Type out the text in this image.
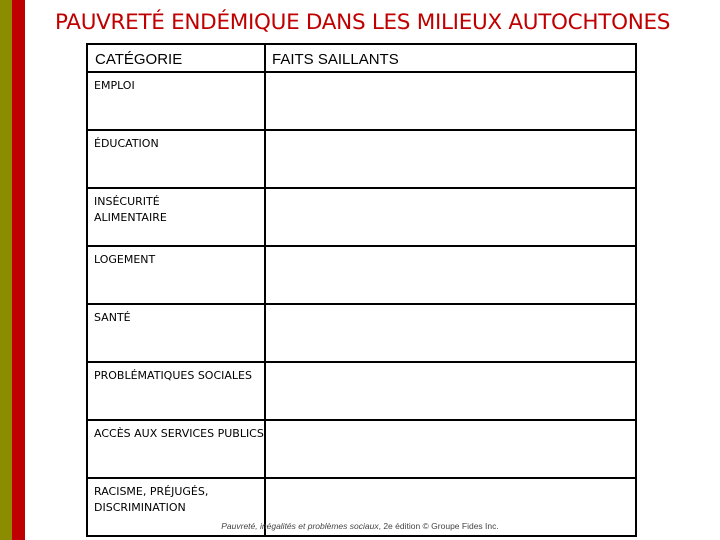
PAUVRETÉ ENDÉMIQUE DANS LES MILIEUX AUTOCHTONES
CATÉGORIE	FAITS SAILLANTS
EMPLOI	
ÉDUCATION	
INSÉCURITÉ ALIMENTAIRE	
LOGEMENT	
SANTÉ	
PROBLÉMATIQUES SOCIALES	
ACCÈS AUX SERVICES PUBLICS	
RACISME, PRÉJUGÉS, DISCRIMINATION	
Pauvreté, inégalités et problèmes sociaux, 2e édition © Groupe Fides Inc.
